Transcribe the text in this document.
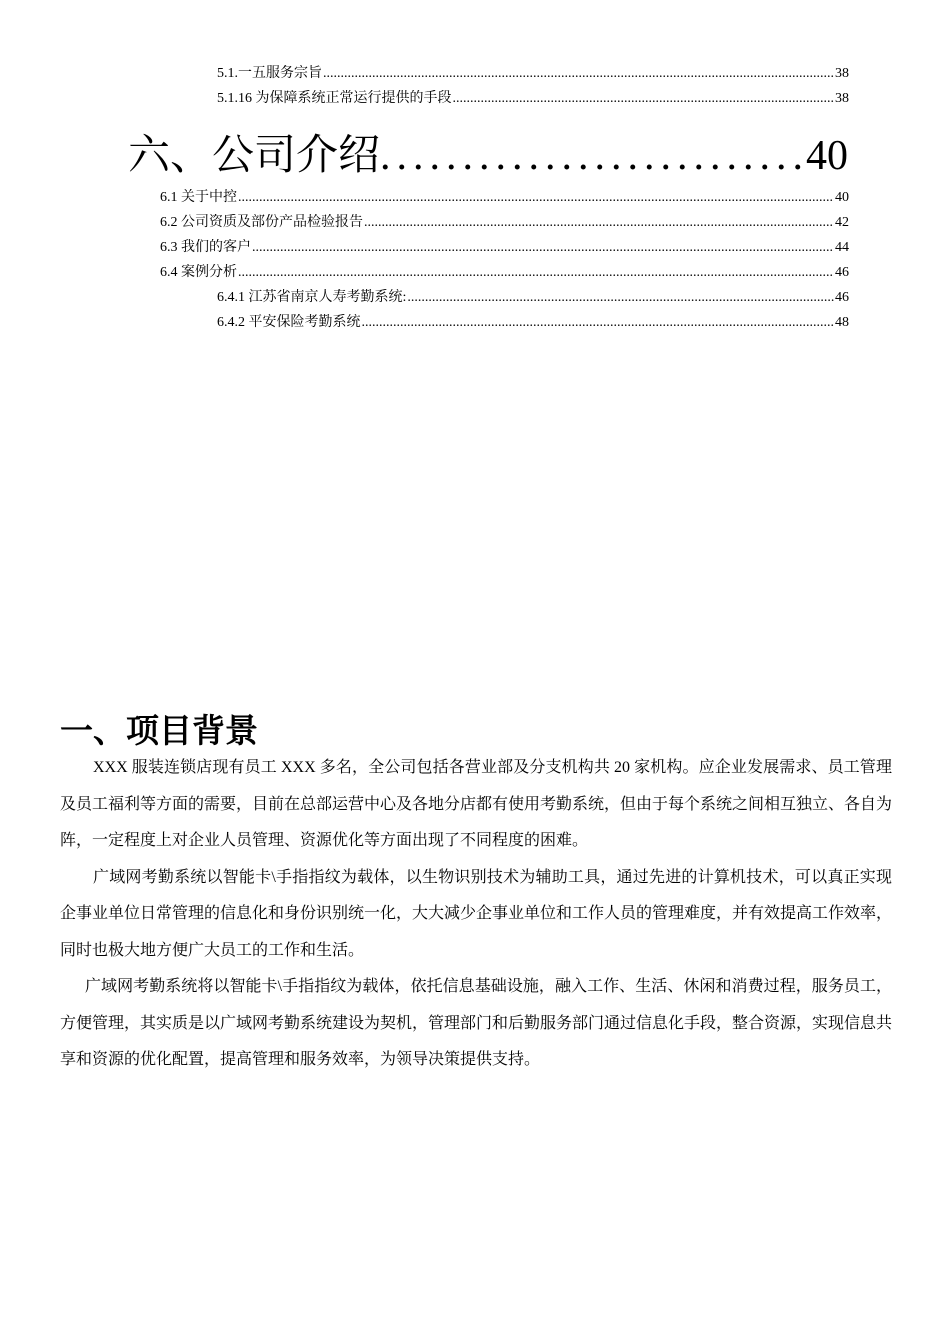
5.1.一五服务宗旨 .....	38
5.1.16 为保障系统正常运行提供的手段 .....	38
六、公司介绍 .....	40
6.1 关于中控 .....	40
6.2 公司资质及部份产品检验报告 .....	42
6.3 我们的客户 .....	44
6.4 案例分析 .....	46
6.4.1 江苏省南京人寿考勤系统: .....	46
6.4.2 平安保险考勤系统 .....	48
一、项目背景

XXX 服装连锁店现有员工 XXX 多名，全公司包括各营业部及分支机构共 20 家机构。应企业发展需求、员工管理及员工福利等方面的需要，目前在总部运营中心及各地分店都有使用考勤系统，但由于每个系统之间相互独立、各自为阵，一定程度上对企业人员管理、资源优化等方面出现了不同程度的困难。

广域网考勤系统以智能卡\手指指纹为载体，以生物识别技术为辅助工具，通过先进的计算机技术，可以真正实现企事业单位日常管理的信息化和身份识别统一化，大大减少企事业单位和工作人员的管理难度，并有效提高工作效率，同时也极大地方便广大员工的工作和生活。

广域网考勤系统将以智能卡\手指指纹为载体，依托信息基础设施，融入工作、生活、休闲和消费过程，服务员工，方便管理，其实质是以广域网考勤系统建设为契机，管理部门和后勤服务部门通过信息化手段，整合资源，实现信息共享和资源的优化配置，提高管理和服务效率，为领导决策提供支持。
